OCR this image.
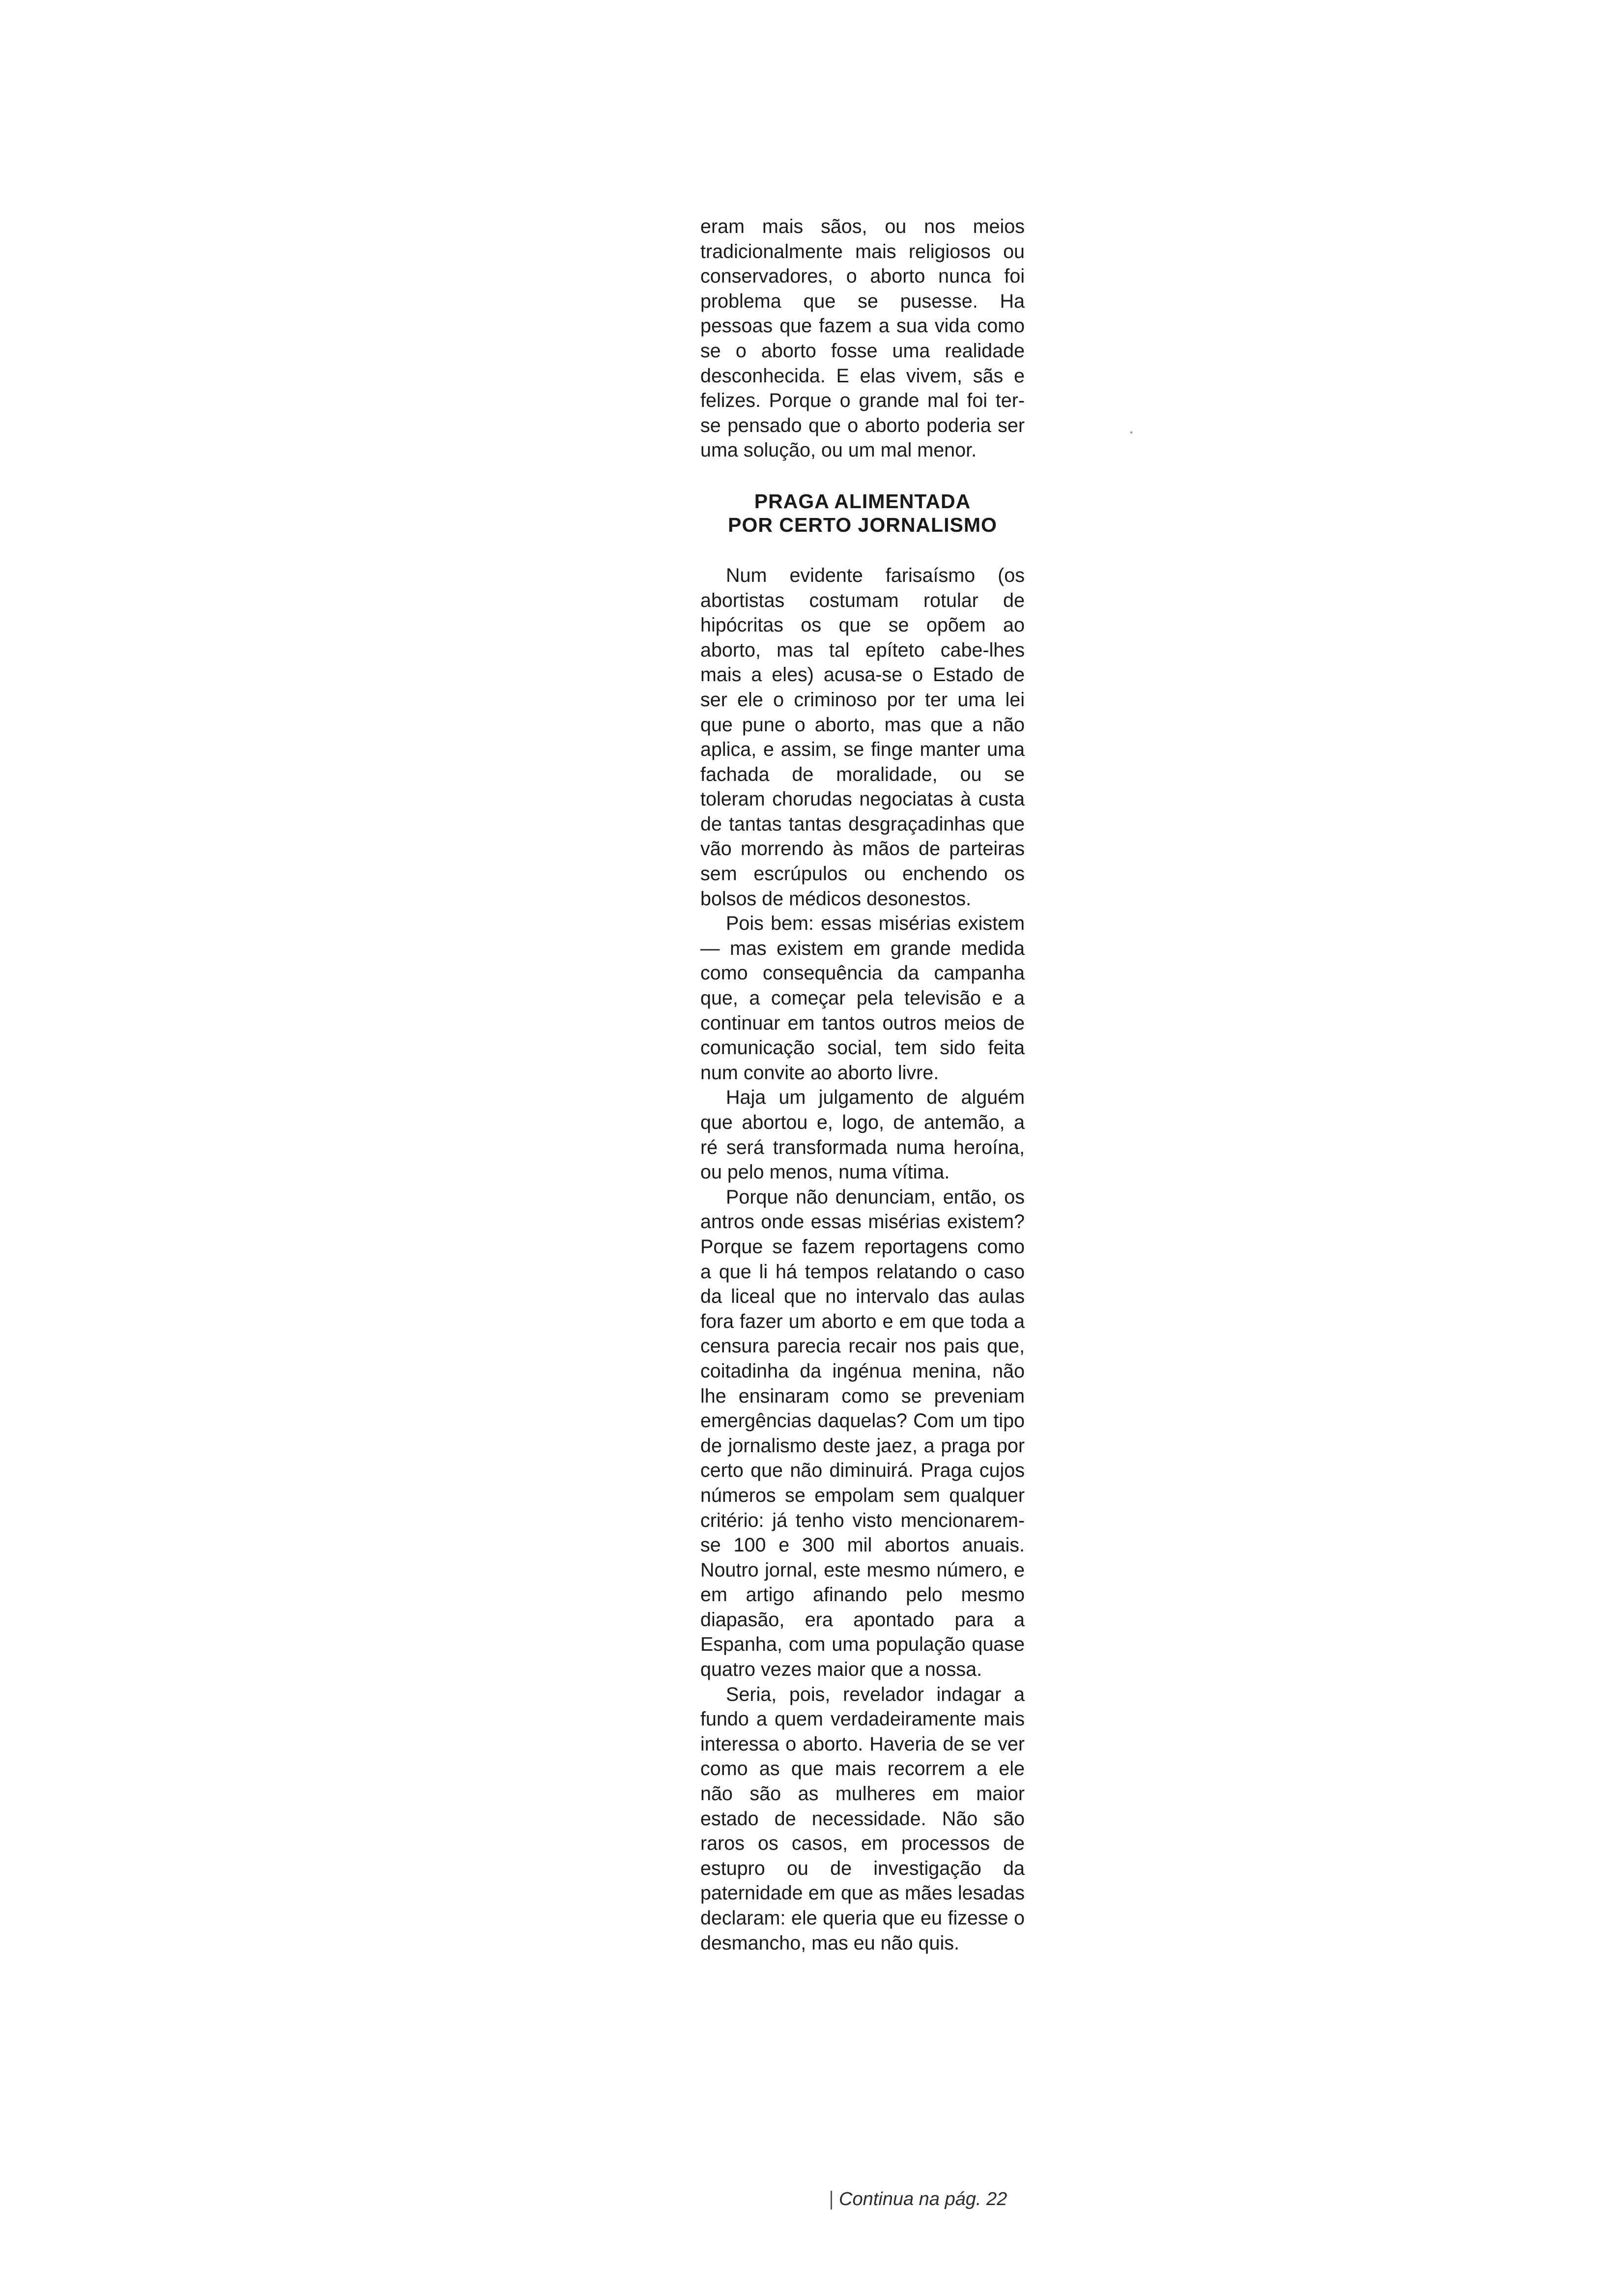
eram mais sãos, ou nos meios tradicionalmente mais religiosos ou conservadores, o aborto nunca foi problema que se pusesse. Ha pessoas que fazem a sua vida como se o aborto fosse uma realidade desconhecida. E elas vivem, sãs e felizes. Porque o grande mal foi ter-se pensado que o aborto poderia ser uma solução, ou um mal menor.

PRAGA ALIMENTADA
POR CERTO JORNALISMO

Num evidente farisaísmo (os abortistas costumam rotular de hipócritas os que se opõem ao aborto, mas tal epíteto cabe-lhes mais a eles) acusa-se o Estado de ser ele o criminoso por ter uma lei que pune o aborto, mas que a não aplica, e assim, se finge manter uma fachada de moralidade, ou se toleram chorudas negociatas à custa de tantas tantas desgraçadinhas que vão morrendo às mãos de parteiras sem escrúpulos ou enchendo os bolsos de médicos desonestos.

Pois bem: essas misérias existem — mas existem em grande medida como consequência da campanha que, a começar pela televisão e a continuar em tantos outros meios de comunicação social, tem sido feita num convite ao aborto livre.

Haja um julgamento de alguém que abortou e, logo, de antemão, a ré será transformada numa heroína, ou pelo menos, numa vítima.

Porque não denunciam, então, os antros onde essas misérias existem? Porque se fazem reportagens como a que li há tempos relatando o caso da liceal que no intervalo das aulas fora fazer um aborto e em que toda a censura parecia recair nos pais que, coitadinha da ingénua menina, não lhe ensinaram como se preveniam emergências daquelas? Com um tipo de jornalismo deste jaez, a praga por certo que não diminuirá. Praga cujos números se empolam sem qualquer critério: já tenho visto mencionarem-se 100 e 300 mil abortos anuais. Noutro jornal, este mesmo número, e em artigo afinando pelo mesmo diapasão, era apontado para a Espanha, com uma população quase quatro vezes maior que a nossa.

Seria, pois, revelador indagar a fundo a quem verdadeiramente mais interessa o aborto. Haveria de se ver como as que mais recorrem a ele não são as mulheres em maior estado de necessidade. Não são raros os casos, em processos de estupro ou de investigação da paternidade em que as mães lesadas declaram: ele queria que eu fizesse o desmancho, mas eu não quis.

Continua na pág. 22
